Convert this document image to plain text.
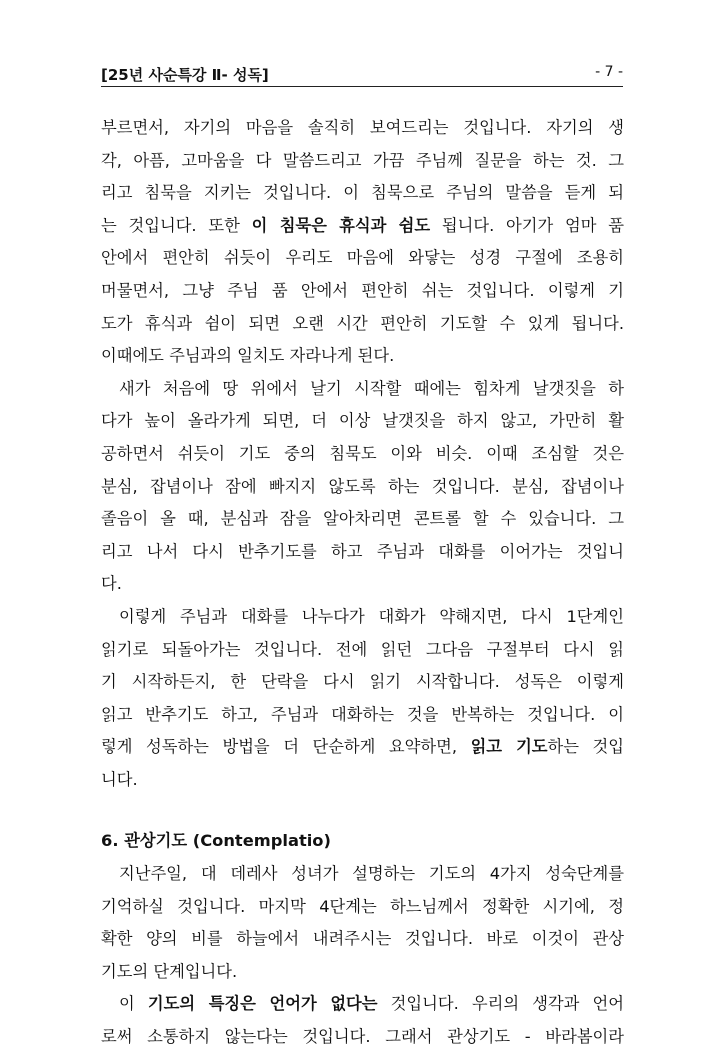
[25년 사순특강 Ⅱ- 성독]	- 7 -
부르면서, 자기의 마음을 솔직히 보여드리는 것입니다. 자기의 생
각, 아픔, 고마움을 다 말씀드리고 가끔 주님께 질문을 하는 것. 그
리고 침묵을 지키는 것입니다. 이 침묵으로 주님의 말씀을 듣게 되
는 것입니다. 또한 이 침묵은 휴식과 쉼도 됩니다. 아기가 엄마 품
안에서 편안히 쉬듯이 우리도 마음에 와닿는 성경 구절에 조용히
머물면서, 그냥 주님 품 안에서 편안히 쉬는 것입니다. 이렇게 기
도가 휴식과 쉼이 되면 오랜 시간 편안히 기도할 수 있게 됩니다.
이때에도 주님과의 일치도 자라나게 된다.
새가 처음에 땅 위에서 날기 시작할 때에는 힘차게 날갯짓을 하
다가 높이 올라가게 되면, 더 이상 날갯짓을 하지 않고, 가만히 활
공하면서 쉬듯이 기도 중의 침묵도 이와 비슷. 이때 조심할 것은
분심, 잡념이나 잠에 빠지지 않도록 하는 것입니다. 분심, 잡념이나
졸음이 올 때, 분심과 잠을 알아차리면 콘트롤 할 수 있습니다. 그
리고 나서 다시 반추기도를 하고 주님과 대화를 이어가는 것입니
다.
이렇게 주님과 대화를 나누다가 대화가 약해지면, 다시 1단계인
읽기로 되돌아가는 것입니다. 전에 읽던 그다음 구절부터 다시 읽
기 시작하든지, 한 단락을 다시 읽기 시작합니다. 성독은 이렇게
읽고 반추기도 하고, 주님과 대화하는 것을 반복하는 것입니다. 이
렇게 성독하는 방법을 더 단순하게 요약하면, 읽고 기도하는 것입
니다.
6. 관상기도 (Contemplatio)
지난주일, 대 데레사 성녀가 설명하는 기도의 4가지 성숙단계를
기억하실 것입니다. 마지막 4단계는 하느님께서 정확한 시기에, 정
확한 양의 비를 하늘에서 내려주시는 것입니다. 바로 이것이 관상
기도의 단계입니다.
이 기도의 특징은 언어가 없다는 것입니다. 우리의 생각과 언어
로써 소통하지 않는다는 것입니다. 그래서 관상기도 - 바라봄이라
